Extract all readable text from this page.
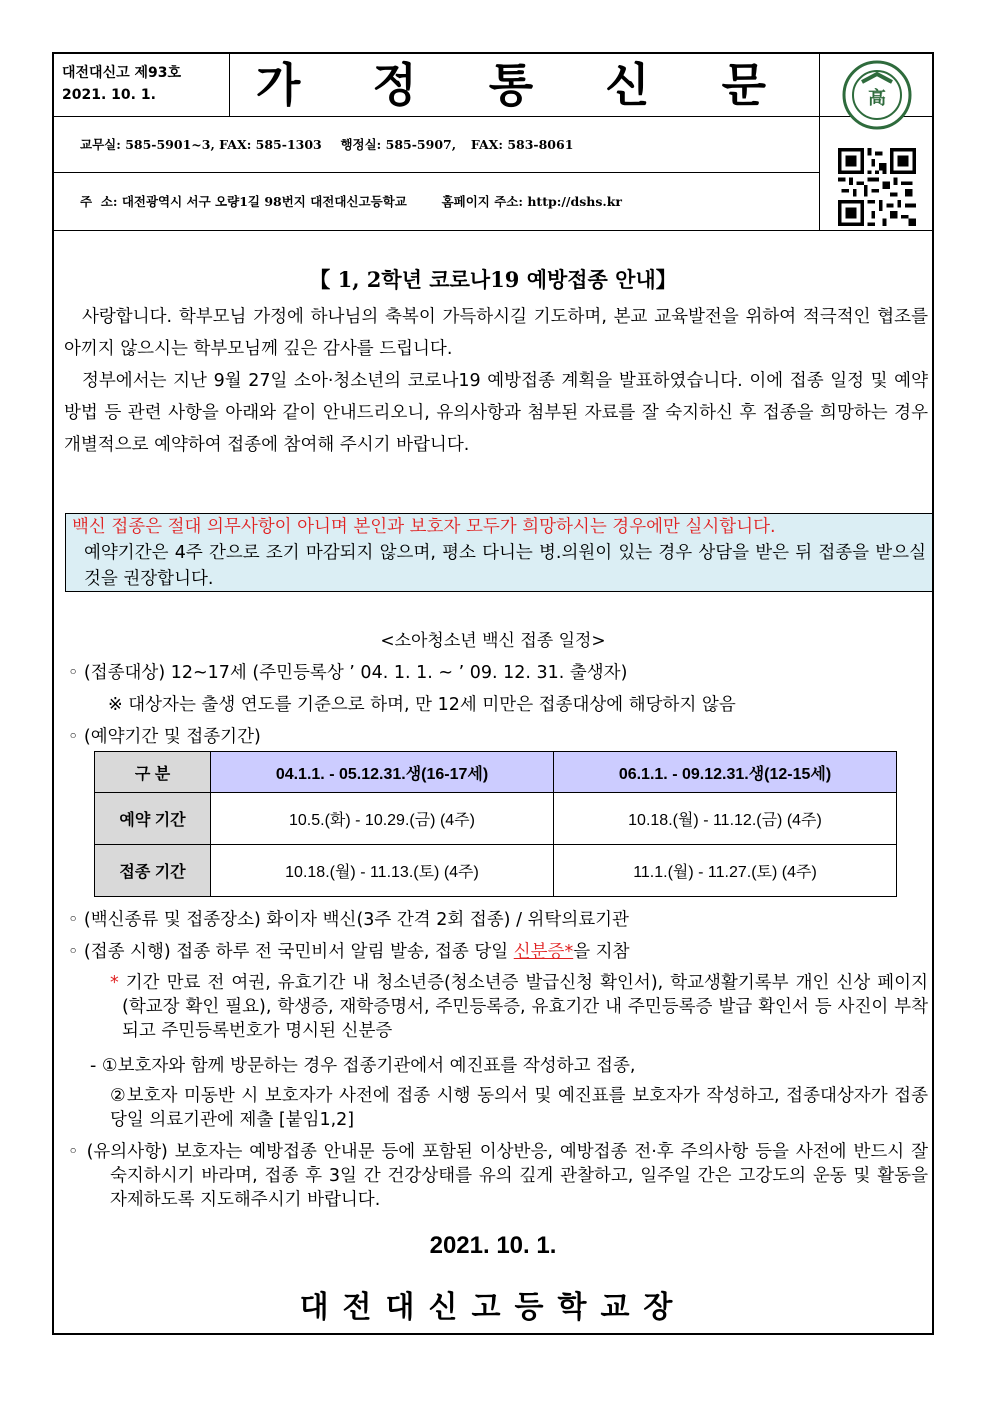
대전대신고 제93호
2021. 10. 1.	가 정 통 신 문	高
교무실: 585-5901~3, FAX: 585-1303 행정실: 585-5907, FAX: 583-8061
주  소: 대전광역시 서구 오량1길 98번지 대전대신고등학교	홈페이지 주소: http://dshs.kr
【 1, 2학년 코로나19 예방접종 안내】
사랑합니다. 학부모님 가정에 하나님의 축복이 가득하시길 기도하며, 본교 교육발전을 위하여 적극적인 협조를 아끼지 않으시는 학부모님께 깊은 감사를 드립니다.
정부에서는 지난 9월 27일 소아·청소년의 코로나19 예방접종 계획을 발표하였습니다. 이에 접종 일정 및 예약 방법 등 관련 사항을 아래와 같이 안내드리오니, 유의사항과 첨부된 자료를 잘 숙지하신 후 접종을 희망하는 경우 개별적으로 예약하여 접종에 참여해 주시기 바랍니다.
백신 접종은 절대 의무사항이 아니며 본인과 보호자 모두가 희망하시는 경우에만 실시합니다.
예약기간은 4주 간으로 조기 마감되지 않으며, 평소 다니는 병.의원이 있는 경우 상담을 받은 뒤 접종을 받으실 것을 권장합니다.
<소아청소년 백신 접종 일정>
◦ (접종대상) 12~17세 (주민등록상 ’ 04. 1. 1. ~ ’ 09. 12. 31. 출생자)
※ 대상자는 출생 연도를 기준으로 하며, 만 12세 미만은 접종대상에 해당하지 않음
◦ (예약기간 및 접종기간)
구 분	04.1.1. - 05.12.31.생(16-17세)	06.1.1. - 09.12.31.생(12-15세)
예약 기간	10.5.(화) - 10.29.(금) (4주)	10.18.(월) - 11.12.(금) (4주)
접종 기간	10.18.(월) - 11.13.(토) (4주)	11.1.(월) - 11.27.(토) (4주)
◦ (백신종류 및 접종장소) 화이자 백신(3주 간격 2회 접종) / 위탁의료기관
◦ (접종 시행) 접종 하루 전 국민비서 알림 발송, 접종 당일 신분증*을 지참
* 기간 만료 전 여권, 유효기간 내 청소년증(청소년증 발급신청 확인서), 학교생활기록부 개인 신상 페이지(학교장 확인 필요), 학생증, 재학증명서, 주민등록증, 유효기간 내 주민등록증 발급 확인서 등 사진이 부착되고 주민등록번호가 명시된 신분증
- ①보호자와 함께 방문하는 경우 접종기관에서 예진표를 작성하고 접종,
②보호자 미동반 시 보호자가 사전에 접종 시행 동의서 및 예진표를 보호자가 작성하고, 접종대상자가 접종 당일 의료기관에 제출 [붙임1,2]
◦ (유의사항) 보호자는 예방접종 안내문 등에 포함된 이상반응, 예방접종 전·후 주의사항 등을 사전에 반드시 잘 숙지하시기 바라며, 접종 후 3일 간 건강상태를 유의 깊게 관찰하고, 일주일 간은 고강도의 운동 및 활동을 자제하도록 지도해주시기 바랍니다.
2021. 10. 1.
대전대신고등학교장
